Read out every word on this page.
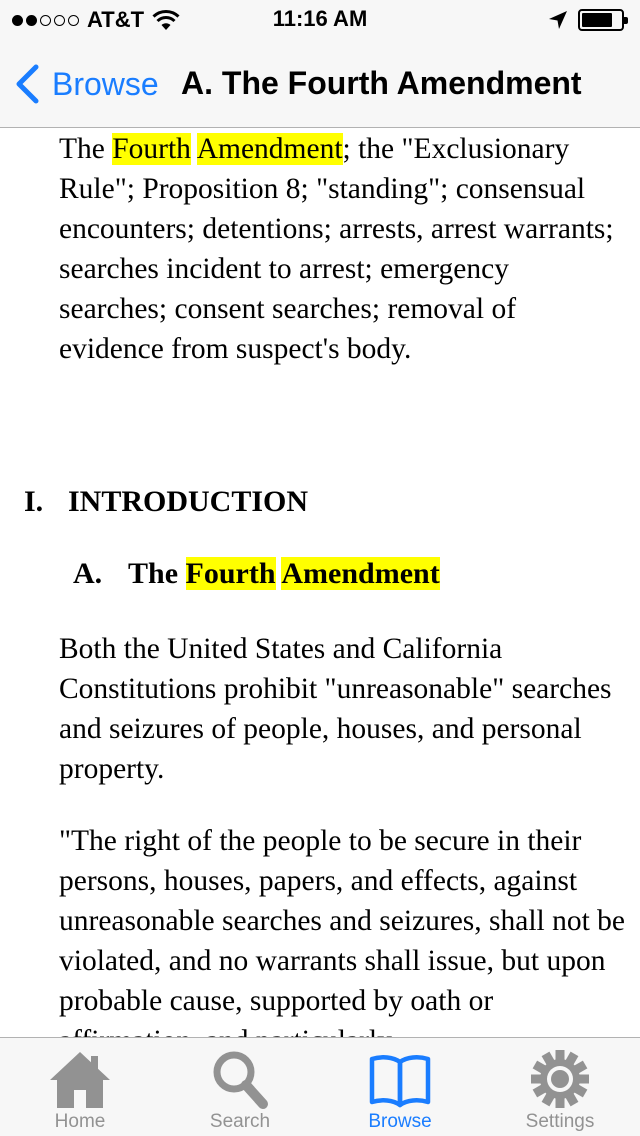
AT&T	11:16 AM
Browse A. The Fourth Amendment

The Fourth Amendment; the "Exclusionary Rule"; Proposition 8; "standing"; consensual encounters; detentions; arrests, arrest warrants; searches incident to arrest; emergency searches; consent searches; removal of evidence from suspect's body.

I. INTRODUCTION
A. The Fourth Amendment

Both the United States and California Constitutions prohibit "unreasonable" searches and seizures of people, houses, and personal property.

"The right of the people to be secure in their persons, houses, papers, and effects, against unreasonable searches and seizures, shall not be violated, and no warrants shall issue, but upon probable cause, supported by oath or

Home	Search	Browse	Settings
